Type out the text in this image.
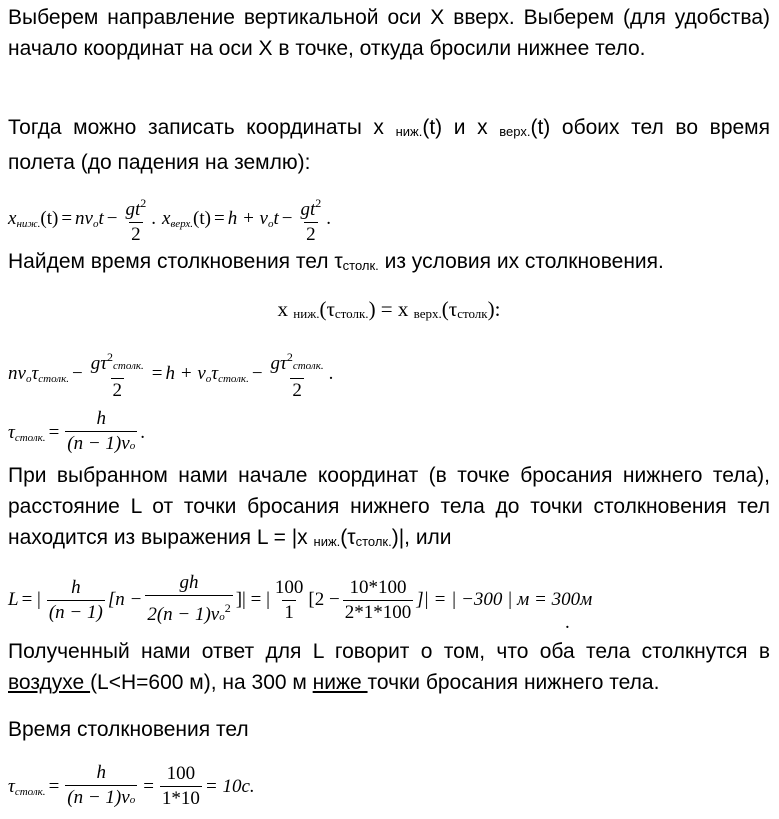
Выберем направление вертикальной оси X вверх. Выберем (для удобства) начало координат на оси X в точке, откуда бросили нижнее тело.
Тогда можно записать координаты x ниж.(t) и x верх.(t) обоих тел во время полета (до падения на землю):
x ниж. (t) = nv o $t - \frac{gt^2}{2}$ . x верх. (t) = h + v o $t - \frac{gt^2}{2}$ .
Найдем время столкновения тел τстолк. из условия их столкновения.
x ниж.(τстолк.) = x верх.(τстолк):
nv o τ столк. − $\frac{g\tau^2столк.}{2} = h + v$ o τ столк. − $\frac{g\tau^2столк.}{2}$ .
τ столк. = $\frac{h}{(n - 1)vo}$ .
При выбранном нами начале координат (в точке бросания нижнего тела), расстояние L от точки бросания нижнего тела до точки столкновения тел находится из выражения L = |x ниж.(τстолк.)|, или
L = | $\frac{h}{(n - 1)} [n - \frac{gh}{2(n - 1)vo^2}$ ]| = | $\frac{100}{1} [2 - \frac{10*100}{2*1*100}$ ]| = | −300 | м = 300м
.
Полученный нами ответ для L говорит о том, что оба тела столкнутся в воздухе (L<H=600 м), на 300 м ниже точки бросания нижнего тела.
Время столкновения тел
τ столк. = $\frac{h}{(n - 1)vo} = \frac{100}{1*10} = 10c$.
